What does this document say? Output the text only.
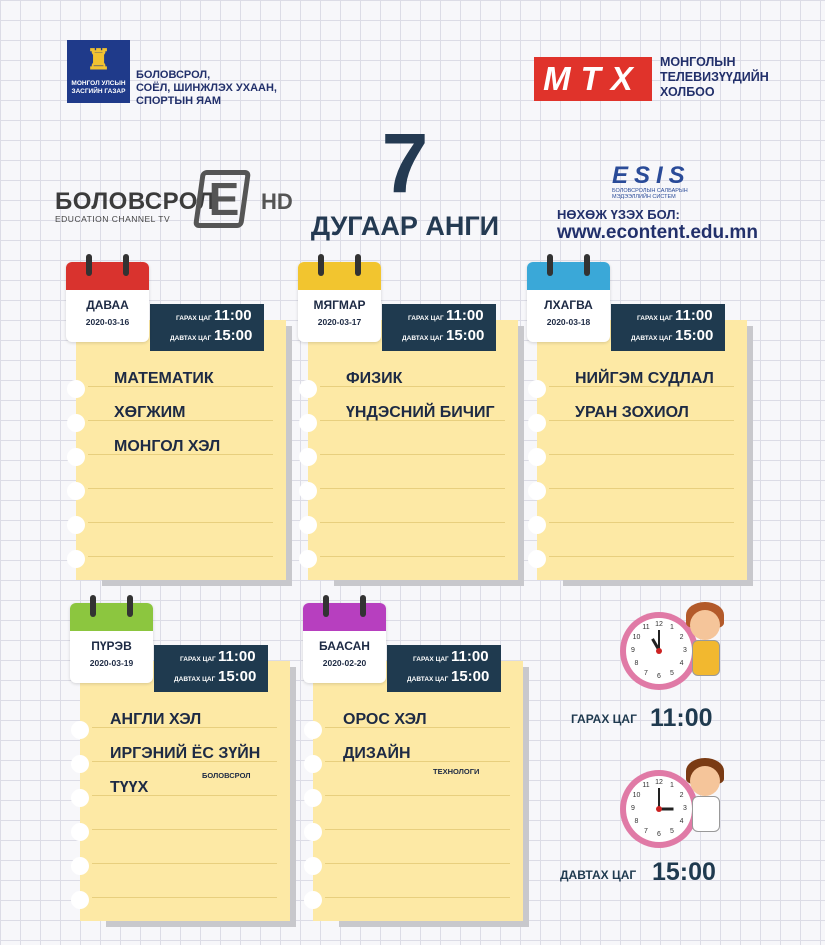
♜
МОНГОЛ УЛСЫН
ЗАСГИЙН ГАЗАР
БОЛОВСРОЛ,
СОЁЛ, ШИНЖЛЭХ УХААН,
СПОРТЫН ЯАМ
МТХ	МОНГОЛЫН
ТЕЛЕВИЗҮҮДИЙН
ХОЛБОО
7
ДУГААР АНГИ
БОЛОВСРОЛ
EDUCATION CHANNEL TV E HD
ESIS
БОЛОВСРОЛЫН САЛБАРЫН
МЭДЭЭЛЛИЙН СИСТЕМ
НӨХӨЖ ҮЗЭХ БОЛ:
www.econtent.edu.mn
ГАРАХ ЦАГ 11:00
ДАВТАХ ЦАГ 15:00
ДАВАА
2020-03-16
МАТЕМАТИК
ХӨГЖИМ
МОНГОЛ ХЭЛ
ГАРАХ ЦАГ 11:00
ДАВТАХ ЦАГ 15:00
МЯГМАР
2020-03-17
ФИЗИК
ҮНДЭСНИЙ БИЧИГ
ГАРАХ ЦАГ 11:00
ДАВТАХ ЦАГ 15:00
ЛХАГВА
2020-03-18
НИЙГЭМ СУДЛАЛ
УРАН ЗОХИОЛ
ГАРАХ ЦАГ 11:00
ДАВТАХ ЦАГ 15:00
ПҮРЭВ
2020-03-19
АНГЛИ ХЭЛ
ИРГЭНИЙ ЁС ЗҮЙН
ТҮҮХ
БОЛОВСРОЛ
ГАРАХ ЦАГ 11:00
ДАВТАХ ЦАГ 15:00
БААСАН
2020-02-20
ОРОС ХЭЛ
ДИЗАЙН
ТЕХНОЛОГИ
1
2
3
4
5
6
7
8
9
10
11 12
ГАРАХ ЦАГ 11:00
1
2
3
4
5
6
7
8
9
10
11 12
ДАВТАХ ЦАГ 15:00
